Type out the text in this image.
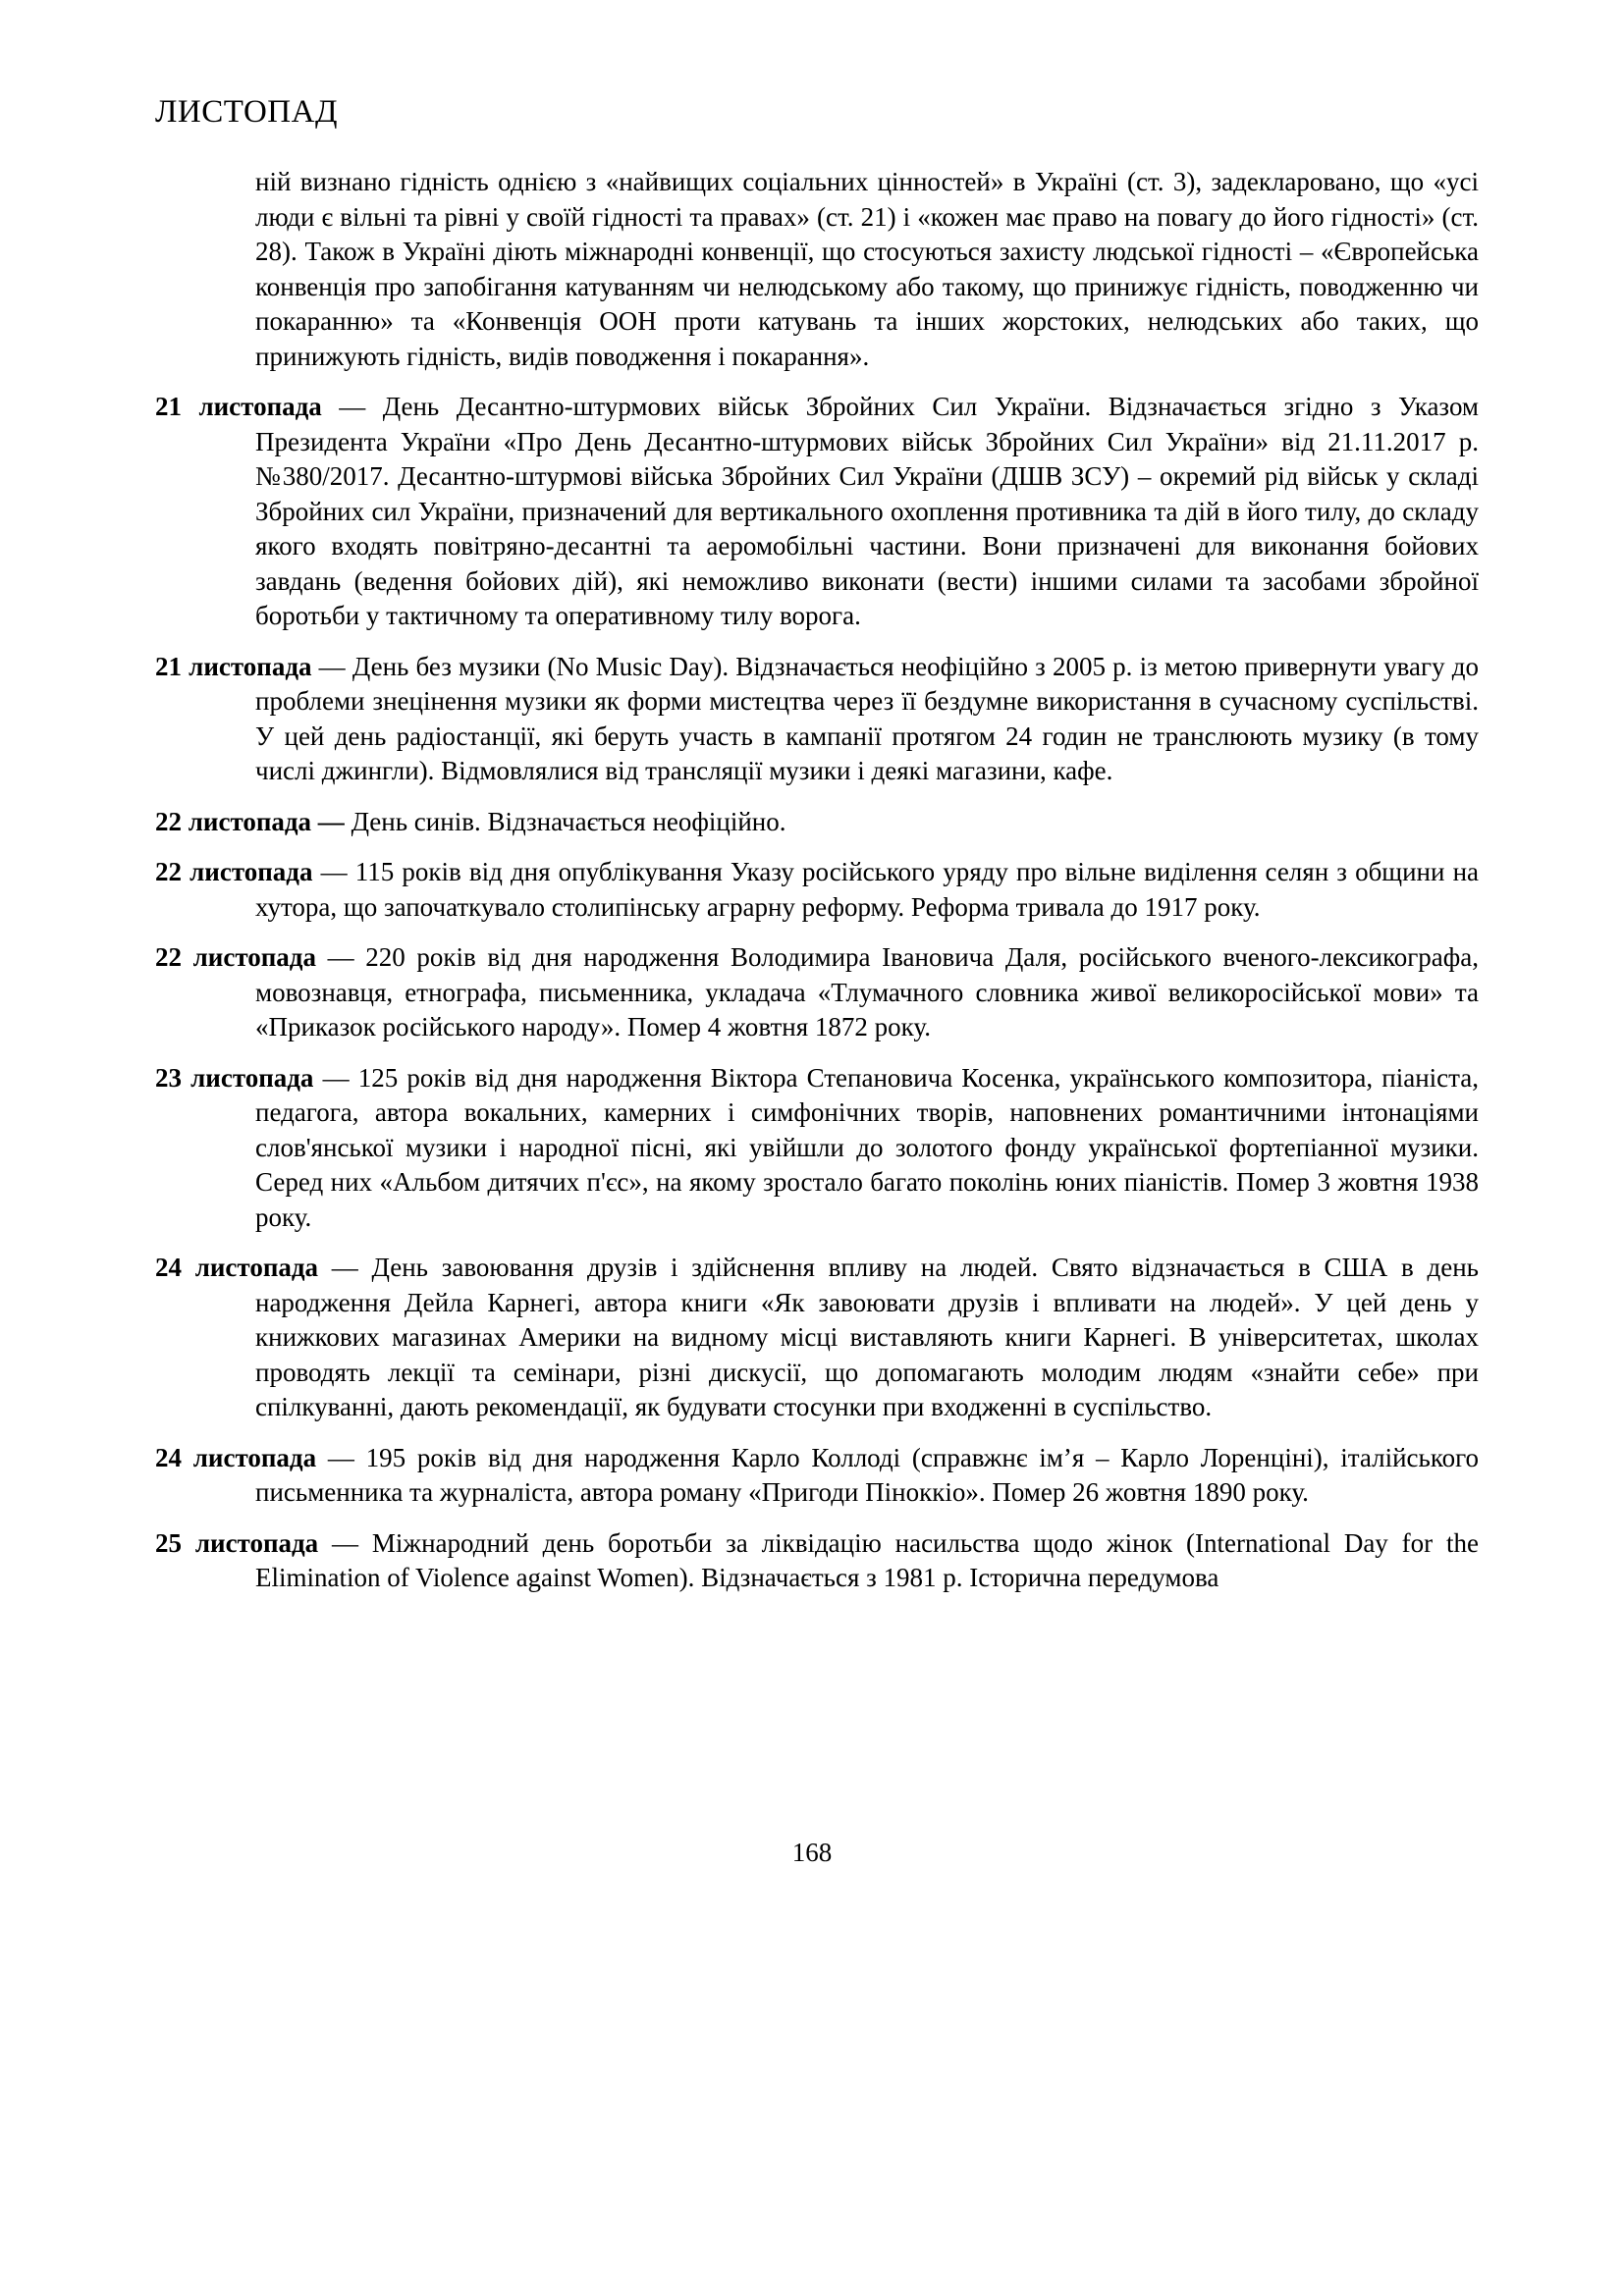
ЛИСТОПАД

ній визнано гідність однією з «найвищих соціальних цінностей» в Україні (ст. 3), задекларовано, що «усі люди є вільні та рівні у своїй гідності та правах» (ст. 21) і «кожен має право на повагу до його гідності» (ст. 28). Також в Україні діють міжнародні конвенції, що стосуються захисту людської гідності – «Європейська конвенція про запобігання катуванням чи нелюдському або такому, що принижує гідність, поводженню чи покаранню» та «Конвенція ООН проти катувань та інших жорстоких, нелюдських або таких, що принижують гідність, видів поводження і покарання».

21 листопада — День Десантно-штурмових військ Збройних Сил України. Відзначається згідно з Указом Президента України «Про День Десантно-штурмових військ Збройних Сил України» від 21.11.2017 р. №380/2017. Десантно-штурмові війська Збройних Сил України (ДШВ ЗСУ) – окремий рід військ у складі Збройних сил України, призначений для вертикального охоплення противника та дій в його тилу, до складу якого входять повітряно-десантні та аеромобільні частини. Вони призначені для виконання бойових завдань (ведення бойових дій), які неможливо виконати (вести) іншими силами та засобами збройної боротьби у тактичному та оперативному тилу ворога.

21 листопада — День без музики (No Music Day). Відзначається неофіційно з 2005 р. із метою привернути увагу до проблеми знецінення музики як форми мистецтва через її бездумне використання в сучасному суспільстві. У цей день радіостанції, які беруть участь в кампанії протягом 24 годин не транслюють музику (в тому числі джингли). Відмовлялися від трансляції музики і деякі магазини, кафе.

22 листопада — День синів. Відзначається неофіційно.

22 листопада — 115 років від дня опублікування Указу російського уряду про вільне виділення селян з общини на хутора, що започаткувало столипінську аграрну реформу. Реформа тривала до 1917 року.

22 листопада — 220 років від дня народження Володимира Івановича Даля, російського вченого-лексикографа, мовознавця, етнографа, письменника, укладача «Тлумачного словника живої великоросійської мови» та «Приказок російського народу». Помер 4 жовтня 1872 року.

23 листопада — 125 років від дня народження Віктора Степановича Косенка, українського композитора, піаніста, педагога, автора вокальних, камерних і симфонічних творів, наповнених романтичними інтонаціями слов'янської музики і народної пісні, які увійшли до золотого фонду української фортепіанної музики. Серед них «Альбом дитячих п'єс», на якому зростало багато поколінь юних піаністів. Помер 3 жовтня 1938 року.

24 листопада — День завоювання друзів і здійснення впливу на людей. Свято відзначається в США в день народження Дейла Карнегі, автора книги «Як завоювати друзів і впливати на людей». У цей день у книжкових магазинах Америки на видному місці виставляють книги Карнегі. В університетах, школах проводять лекції та семінари, різні дискусії, що допомагають молодим людям «знайти себе» при спілкуванні, дають рекомендації, як будувати стосунки при входженні в суспільство.

24 листопада — 195 років від дня народження Карло Коллоді (справжнє ім’я – Карло Лоренціні), італійського письменника та журналіста, автора роману «Пригоди Піноккіо». Помер 26 жовтня 1890 року.

25 листопада — Міжнародний день боротьби за ліквідацію насильства щодо жінок (International Day for the Elimination of Violence against Women). Відзначається з 1981 р. Історична передумова

168
